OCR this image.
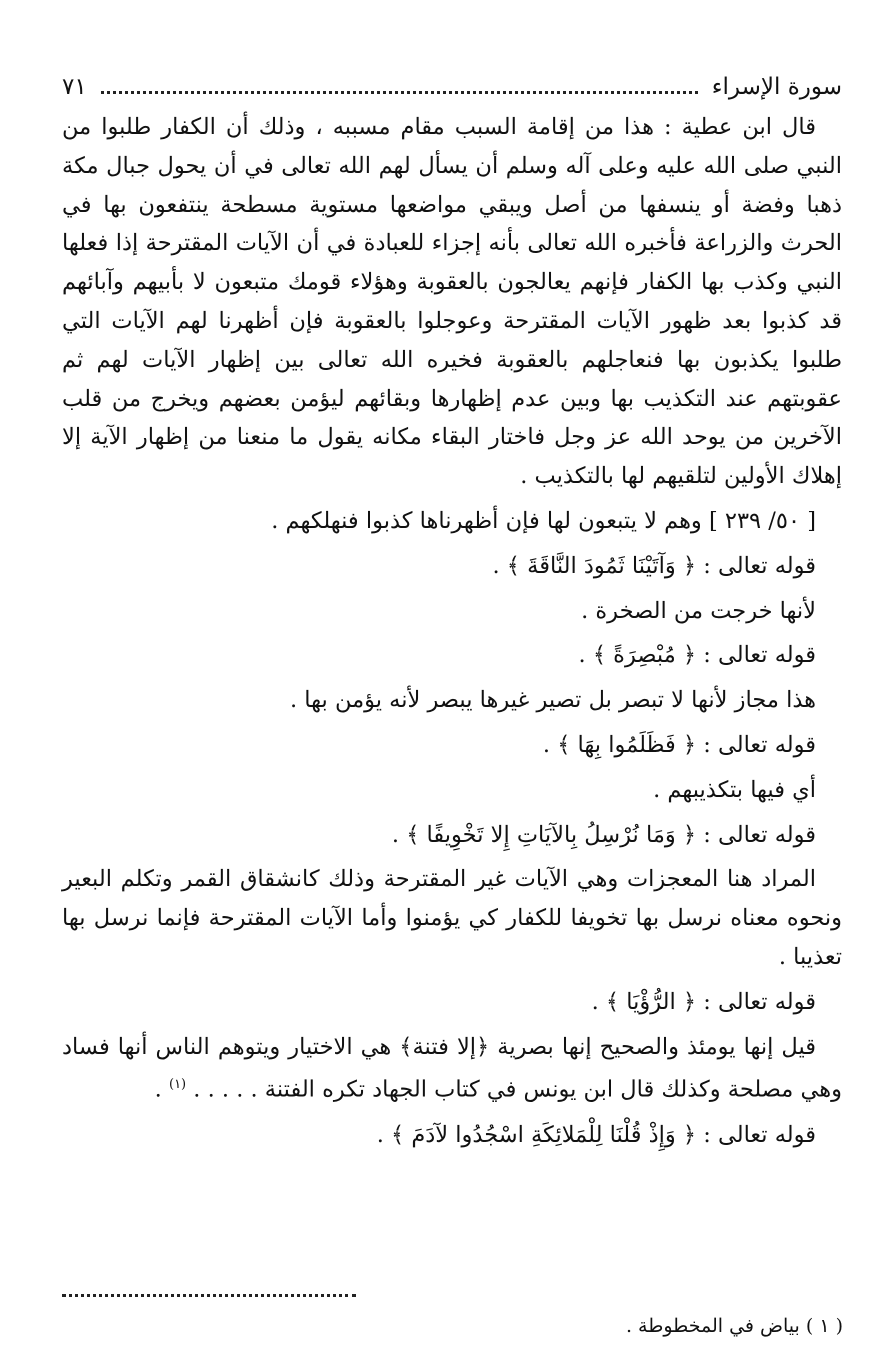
سورة الإسراء
٧١

قال ابن عطية : هذا من إقامة السبب مقام مسببه ، وذلك أن الكفار طلبوا من النبي صلى الله عليه وعلى آله وسلم أن يسأل لهم الله تعالى في أن يحول جبال مكة ذهبا وفضة أو ينسفها من أصل ويبقي مواضعها مستوية مسطحة ينتفعون بها في الحرث والزراعة فأخبره الله تعالى بأنه إجزاء للعبادة في أن الآيات المقترحة إذا فعلها النبي وكذب بها الكفار فإنهم يعالجون بالعقوبة وهؤلاء قومك متبعون لا بأبيهم وآبائهم قد كذبوا بعد ظهور الآيات المقترحة وعوجلوا بالعقوبة فإن أظهرنا لهم الآيات التي طلبوا يكذبون بها فنعاجلهم بالعقوبة فخيره الله تعالى بين إظهار الآيات لهم ثم عقوبتهم عند التكذيب بها وبين عدم إظهارها وبقائهم ليؤمن بعضهم ويخرج من قلب الآخرين من يوحد الله عز وجل فاختار البقاء مكانه يقول ما منعنا من إظهار الآية إلا إهلاك الأولين لتلقيهم لها بالتكذيب .

[ ٥٠/ ٢٣٩ ] وهم لا يتبعون لها فإن أظهرناها كذبوا فنهلكهم .

قوله تعالى : ﴿ وَآتَيْنَا ثَمُودَ النَّاقَةَ ﴾ .

لأنها خرجت من الصخرة .

قوله تعالى : ﴿ مُبْصِرَةً ﴾ .

هذا مجاز لأنها لا تبصر بل تصير غيرها يبصر لأنه يؤمن بها .

قوله تعالى : ﴿ فَظَلَمُوا بِهَا ﴾ .

أي فيها بتكذيبهم .

قوله تعالى : ﴿ وَمَا نُرْسِلُ بِالآيَاتِ إِلا تَخْوِيفًا ﴾ .

المراد هنا المعجزات وهي الآيات غير المقترحة وذلك كانشقاق القمر وتكلم البعير ونحوه معناه نرسل بها تخويفا للكفار كي يؤمنوا وأما الآيات المقترحة فإنما نرسل بها تعذيبا .

قوله تعالى : ﴿ الرُّؤْيَا ﴾ .

قيل إنها يومئذ والصحيح إنها بصرية ﴿إلا فتنة﴾ هي الاختيار ويتوهم الناس أنها فساد وهي مصلحة وكذلك قال ابن يونس في كتاب الجهاد تكره الفتنة . . . . . $^{(١)}$ .

قوله تعالى : ﴿ وَإِذْ قُلْنَا لِلْمَلائِكَةِ اسْجُدُوا لآدَمَ ﴾ .

( ١ ) بياض في المخطوطة .
